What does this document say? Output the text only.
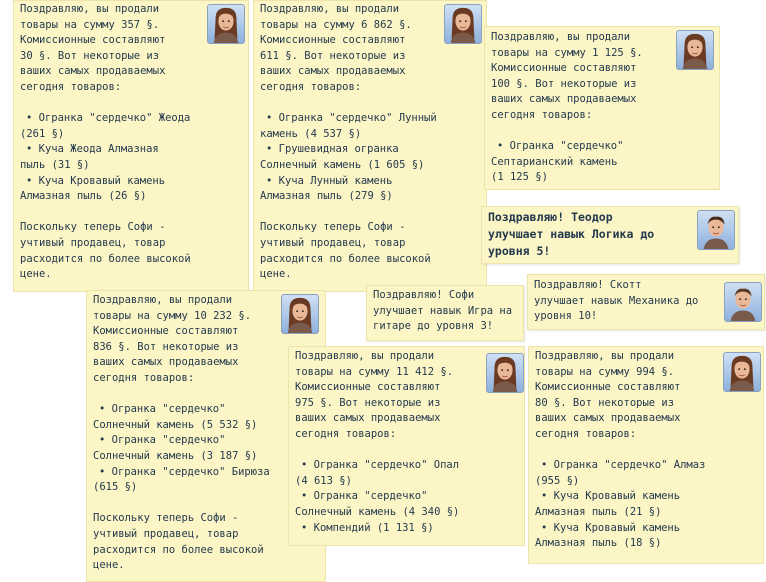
Поздравляю, вы продали
товары на сумму 357 §.
Комиссионные составляют
30 §. Вот некоторые из
ваших самых продаваемых
сегодня товаров:

• Огранка "сердечко" Жеода
(261 §)
• Куча Жеода Алмазная
пыль (31 §)
• Куча Кровавый камень
Алмазная пыль (26 §)

Поскольку теперь Софи -
учтивый продавец, товар
расходится по более высокой
цене.
Поздравляю, вы продали
товары на сумму 6 862 §.
Комиссионные составляют
611 §. Вот некоторые из
ваших самых продаваемых
сегодня товаров:

• Огранка "сердечко" Лунный
камень (4 537 §)
• Грушевидная огранка
Солнечный камень (1 605 §)
• Куча Лунный камень
Алмазная пыль (279 §)

Поскольку теперь Софи -
учтивый продавец, товар
расходится по более высокой
цене.
Поздравляю, вы продали
товары на сумму 1 125 §.
Комиссионные составляют
100 §. Вот некоторые из
ваших самых продаваемых
сегодня товаров:

• Огранка "сердечко"
Септарианский камень
(1 125 §)
Поздравляю! Теодор
улучшает навык Логика до
уровня 5!
Поздравляю, вы продали
товары на сумму 10 232 §.
Комиссионные составляют
836 §. Вот некоторые из
ваших самых продаваемых
сегодня товаров:

• Огранка "сердечко"
Солнечный камень (5 532 §)
• Огранка "сердечко"
Солнечный камень (3 187 §)
• Огранка "сердечко" Бирюза
(615 §)

Поскольку теперь Софи -
учтивый продавец, товар
расходится по более высокой
цене.
Поздравляю! Софи
улучшает навык Игра на
гитаре до уровня 3!
Поздравляю! Скотт
улучшает навык Механика до
уровня 10!
Поздравляю, вы продали
товары на сумму 11 412 §.
Комиссионные составляют
975 §. Вот некоторые из
ваших самых продаваемых
сегодня товаров:

• Огранка "сердечко" Опал
(4 613 §)
• Огранка "сердечко"
Солнечный камень (4 340 §)
• Компендий (1 131 §)
Поздравляю, вы продали
товары на сумму 994 §.
Комиссионные составляют
80 §. Вот некоторые из
ваших самых продаваемых
сегодня товаров:

• Огранка "сердечко" Алмаз
(955 §)
• Куча Кровавый камень
Алмазная пыль (21 §)
• Куча Кровавый камень
Алмазная пыль (18 §)
